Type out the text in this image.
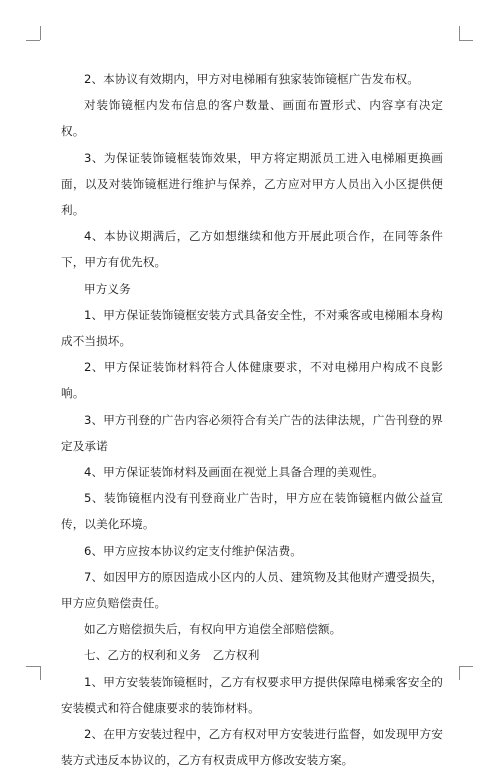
2、本协议有效期内，甲方对电梯厢有独家装饰镜框广告发布权。

对装饰镜框内发布信息的客户数量、画面布置形式、内容享有决定权。

3、为保证装饰镜框装饰效果，甲方将定期派员工进入电梯厢更换画面，以及对装饰镜框进行维护与保养，乙方应对甲方人员出入小区提供便利。

4、本协议期满后，乙方如想继续和他方开展此项合作，在同等条件下，甲方有优先权。

甲方义务

1、甲方保证装饰镜框安装方式具备安全性，不对乘客或电梯厢本身构成不当损坏。

2、甲方保证装饰材料符合人体健康要求，不对电梯用户构成不良影响。

3、甲方刊登的广告内容必须符合有关广告的法律法规，广告刊登的界定及承诺

4、甲方保证装饰材料及画面在视觉上具备合理的美观性。

5、装饰镜框内没有刊登商业广告时，甲方应在装饰镜框内做公益宣传，以美化环境。

6、甲方应按本协议约定支付维护保洁费。

7、如因甲方的原因造成小区内的人员、建筑物及其他财产遭受损失，甲方应负赔偿责任。

如乙方赔偿损失后，有权向甲方追偿全部赔偿额。

七、乙方的权利和义务　乙方权利

1、甲方安装装饰镜框时，乙方有权要求甲方提供保障电梯乘客安全的安装模式和符合健康要求的装饰材料。

2、在甲方安装过程中，乙方有权对甲方安装进行监督，如发现甲方安装方式违反本协议的，乙方有权责成甲方修改安装方案。
